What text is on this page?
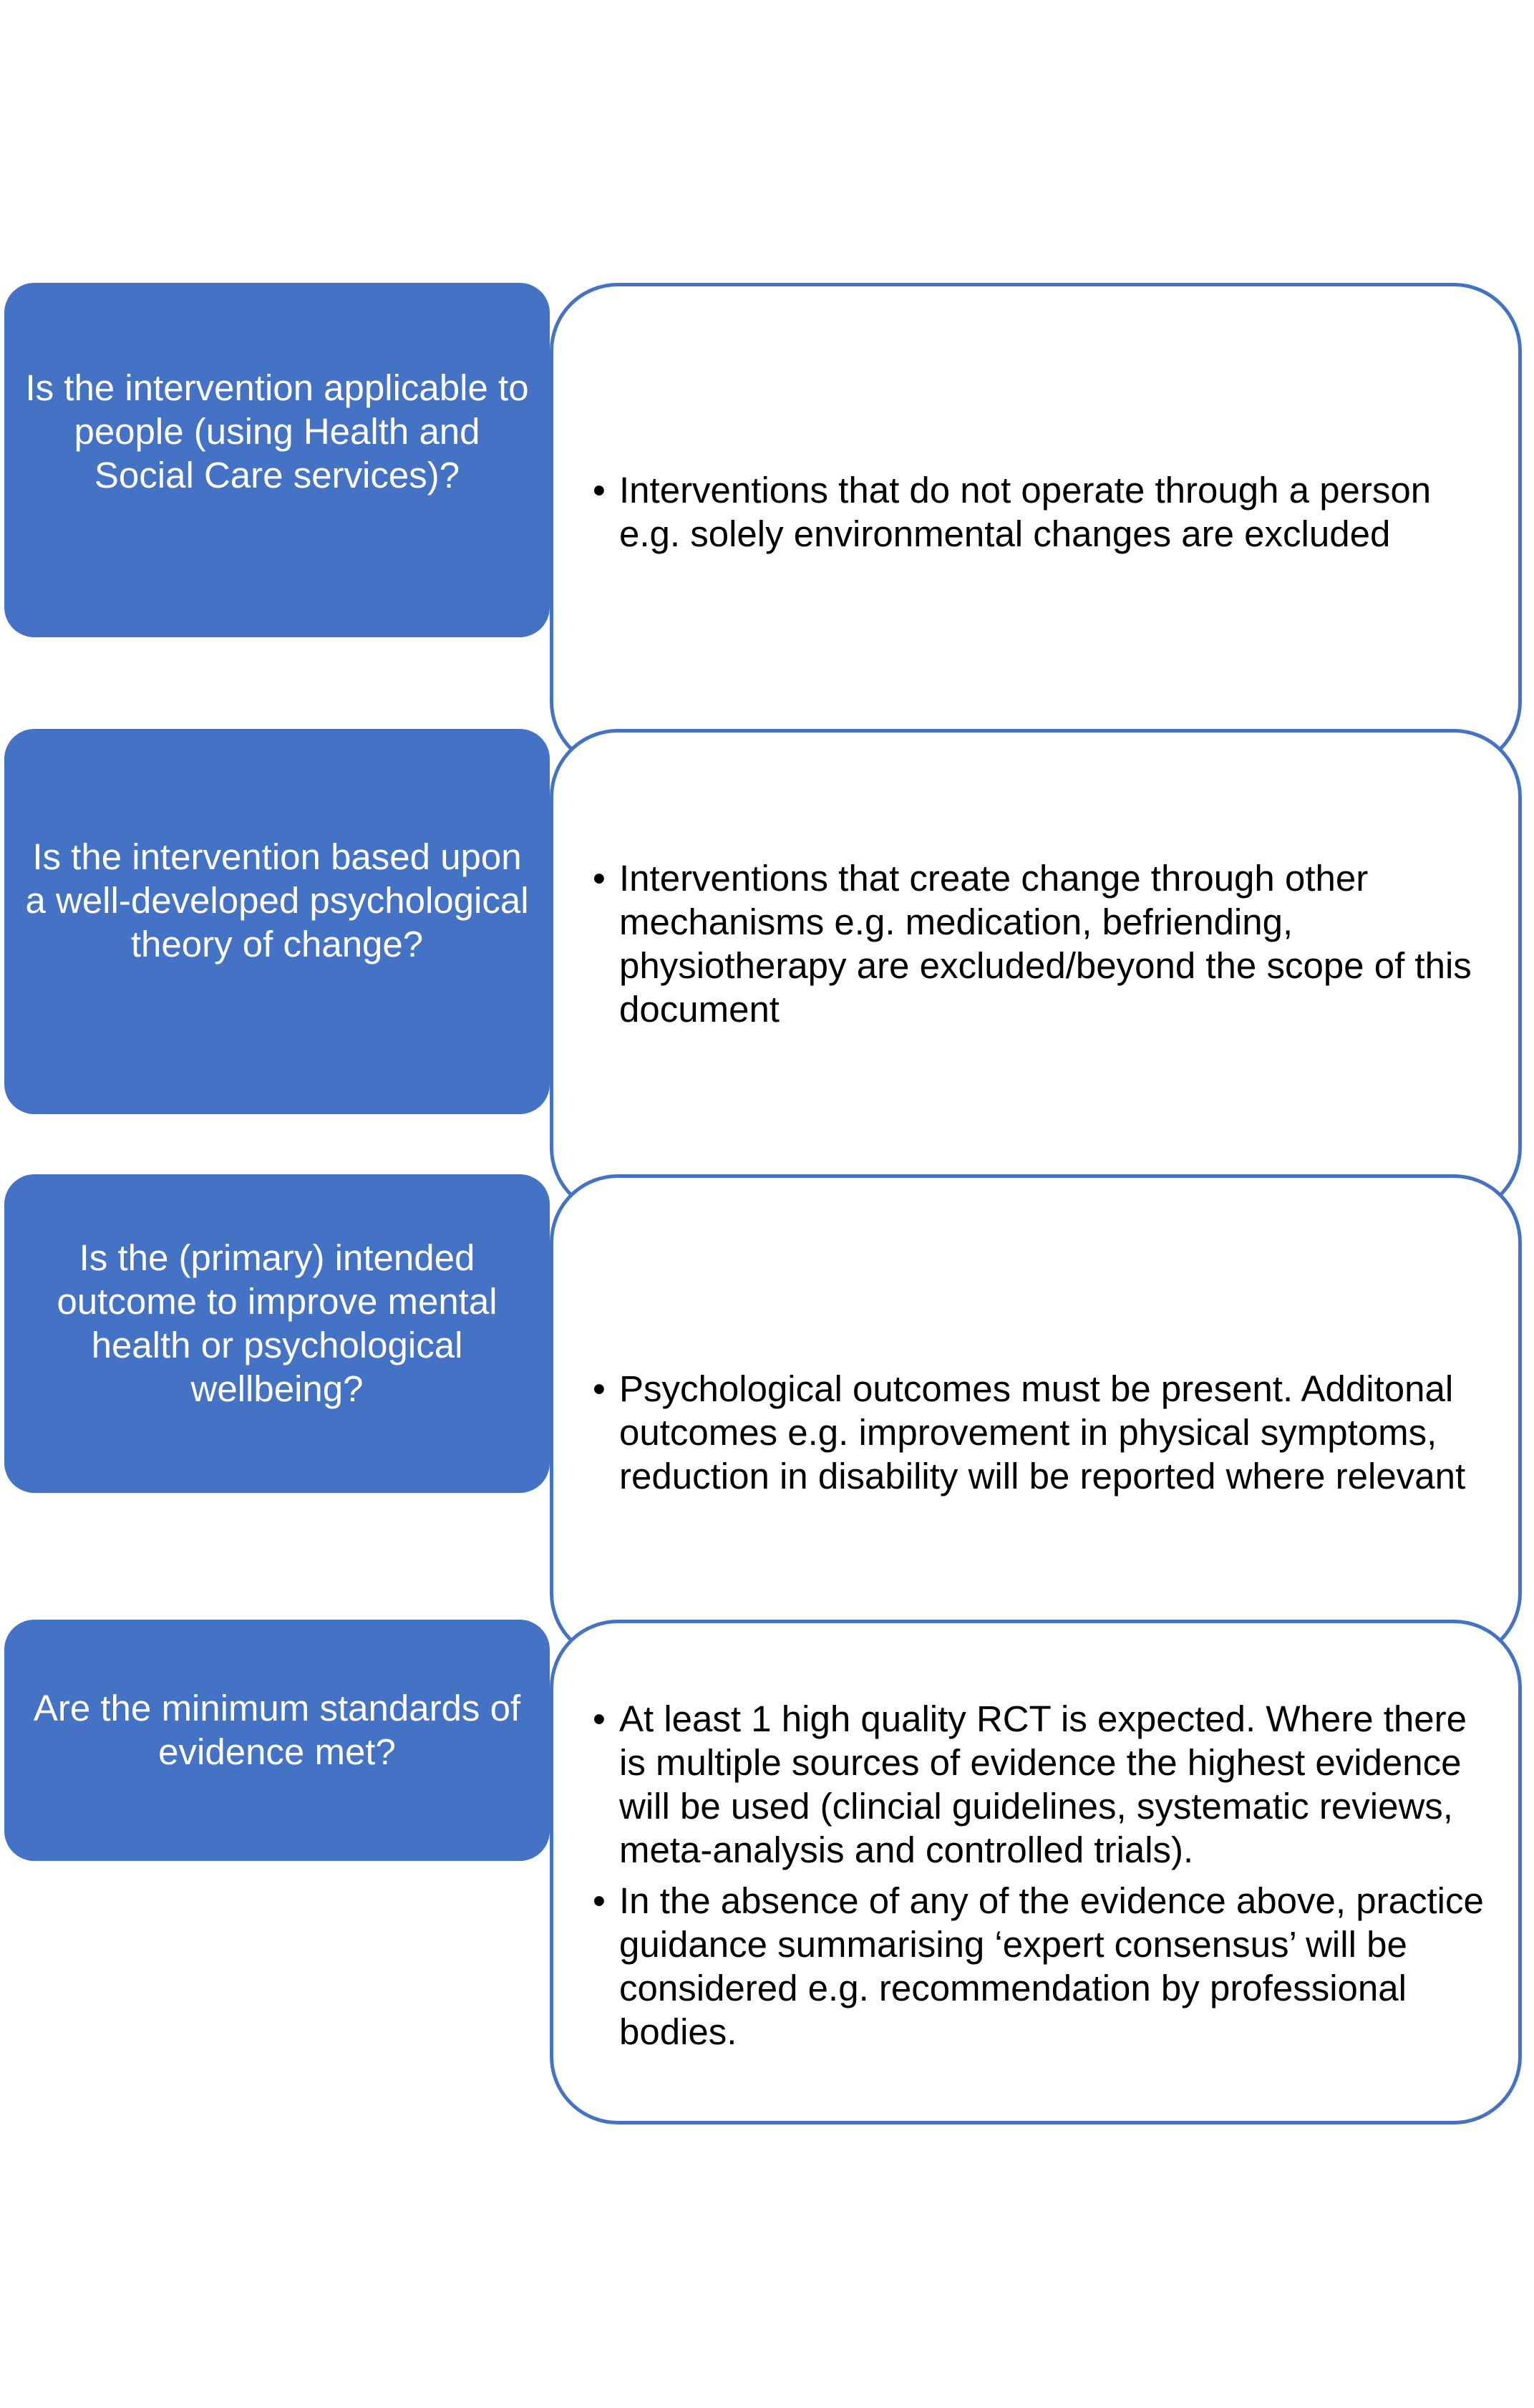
• Interventions that do not operate through a person e.g. solely environmental changes are excluded

Is the intervention applicable to people (using Health and Social Care services)?

• Interventions that create change through other mechanisms e.g. medication, befriending, physiotherapy are excluded/beyond the scope of this document

Is the intervention based upon a well-developed psychological theory of change?

• Psychological outcomes must be present. Additonal outcomes e.g. improvement in physical symptoms, reduction in disability will be reported where relevant

Is the (primary) intended outcome to improve mental health or psychological wellbeing?

• At least 1 high quality RCT is expected. Where there is multiple sources of evidence the highest evidence will be used (clincial guidelines, systematic reviews, meta-analysis and controlled trials).

• In the absence of any of the evidence above, practice guidance summarising ‘expert consensus’ will be considered e.g. recommendation by professional bodies.

Are the minimum standards of evidence met?
